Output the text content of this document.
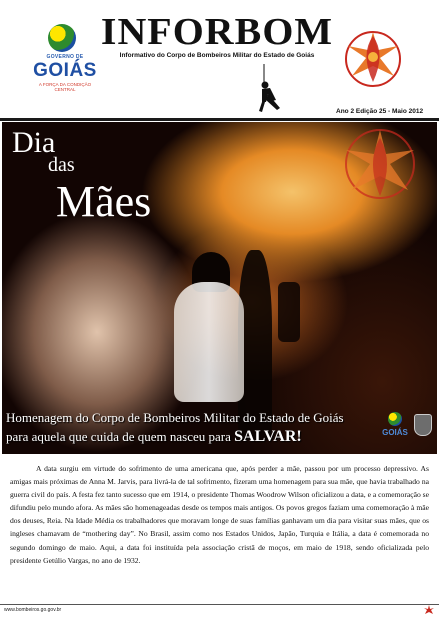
GOVERNO DE
GOIÁS
A FORÇA DA CONDIÇÃO CENTRAL
INFORBOM
Informativo do Corpo de Bombeiros Militar do Estado de Goiás
Ano 2 Edição 25 - Maio 2012
Dia
das
Mães
Homenagem do Corpo de Bombeiros Militar do Estado de Goiás
para aquela que cuida de quem nasceu para SALVAR!	GOIÁS
A data surgiu em virtude do sofrimento de uma americana que, após perder a mãe, passou por um processo depressivo. As amigas mais próximas de Anna M. Jarvis, para livrá-la de tal sofrimento, fizeram uma homenagem para sua mãe, que havia trabalhado na guerra civil do país. A festa fez tanto sucesso que em 1914, o presidente Thomas Woodrow Wilson oficializou a data, e a comemoração se difundiu pelo mundo afora. As mães são homenageadas desde os tempos mais antigos. Os povos gregos faziam uma comemoração à mãe dos deuses, Reia. Na Idade Média os trabalhadores que moravam longe de suas famílias ganhavam um dia para visitar suas mães, que os ingleses chamavam de “mothering day”. No Brasil, assim como nos Estados Unidos, Japão, Turquia e Itália, a data é comemorada no segundo domingo de maio. Aqui, a data foi instituída pela associação cristã de moços, em maio de 1918, sendo oficializada pelo presidente Getúlio Vargas, no ano de 1932.
www.bombeiros.go.gov.br
